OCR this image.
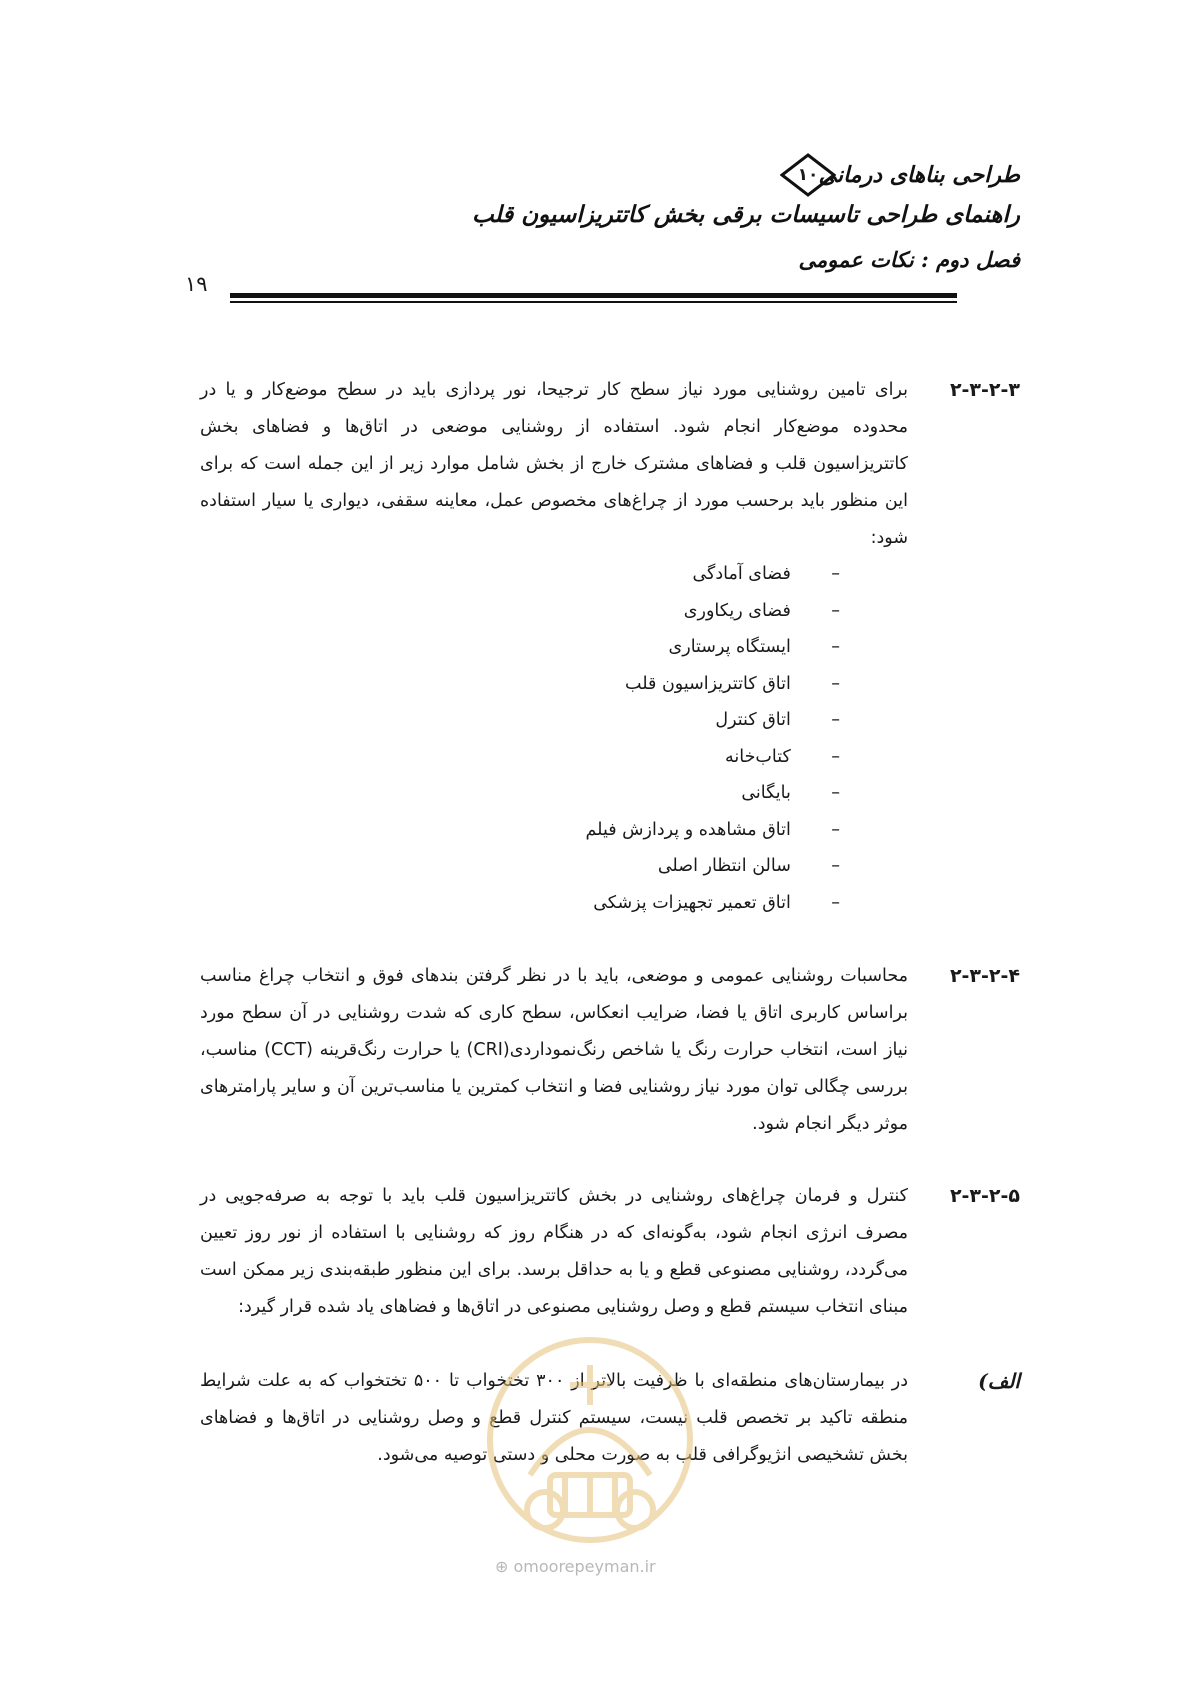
طراحی بناهای درمانی
۱۰
راهنمای طراحی تاسیسات برقی بخش کاتتریزاسیون قلب
فصل دوم : نکات عمومی
۱۹
۲-۳-۲-۳
برای تامین روشنایی مورد نیاز سطح کار ترجیحا، نور پردازی باید در سطح موضع‌کار و یا در محدوده موضع‌کار انجام شود. استفاده از روشنایی موضعی در اتاق‌ها و فضاهای بخش کاتتریزاسیون قلب و فضاهای مشترک خارج از بخش شامل موارد زیر از این جمله است که برای این منظور باید برحسب مورد از چراغ‌های مخصوص عمل، معاینه سقفی، دیواری یا سیار استفاده شود:
–  فضای آمادگی
–  فضای ریکاوری
–  ایستگاه پرستاری
–  اتاق کاتتریزاسیون قلب
–  اتاق کنترل
–  کتاب‌خانه
–  بایگانی
–  اتاق مشاهده و پردازش فیلم
–  سالن انتظار اصلی
–  اتاق تعمیر تجهیزات پزشکی
۲-۳-۲-۴
محاسبات روشنایی عمومی و موضعی، باید با در نظر گرفتن بندهای فوق و انتخاب چراغ مناسب براساس کاربری اتاق یا فضا، ضرایب انعکاس، سطح کاری که شدت روشنایی در آن سطح مورد نیاز است، انتخاب حرارت رنگ یا شاخص رنگ‌نمودار‌دی(CRI) یا حرارت رنگ‌قرینه (CCT) مناسب، بررسی چگالی توان مورد نیاز روشنایی فضا و انتخاب کمترین یا مناسب‌ترین آن و سایر پارامترهای موثر دیگر انجام شود.
۲-۳-۲-۵
کنترل و فرمان چراغ‌های روشنایی در بخش کاتتریزاسیون قلب باید با توجه به صرفه‌جویی در مصرف انرژی انجام شود، به‌گونه‌ای که در هنگام روز که روشنایی با استفاده از نور روز تعیین می‌گردد، روشنایی مصنوعی قطع و یا به حداقل برسد. برای این منظور طبقه‌بندی زیر ممکن است مبنای انتخاب سیستم قطع و وصل روشنایی مصنوعی در اتاق‌ها و فضاهای یاد شده قرار گیرد:
الف)
در بیمارستان‌های منطقه‌ای با ظرفیت بالاتر از ۳۰۰ تختخواب تا ۵۰۰ تختخواب که به علت شرایط منطقه تاکید بر تخصص قلب نیست، سیستم کنترل قطع و وصل روشنایی در اتاق‌ها و فضاهای بخش تشخیصی انژیوگرافی قلب به صورت محلی و دستی توصیه می‌شود.
⊕ omoorepeyman.ir
